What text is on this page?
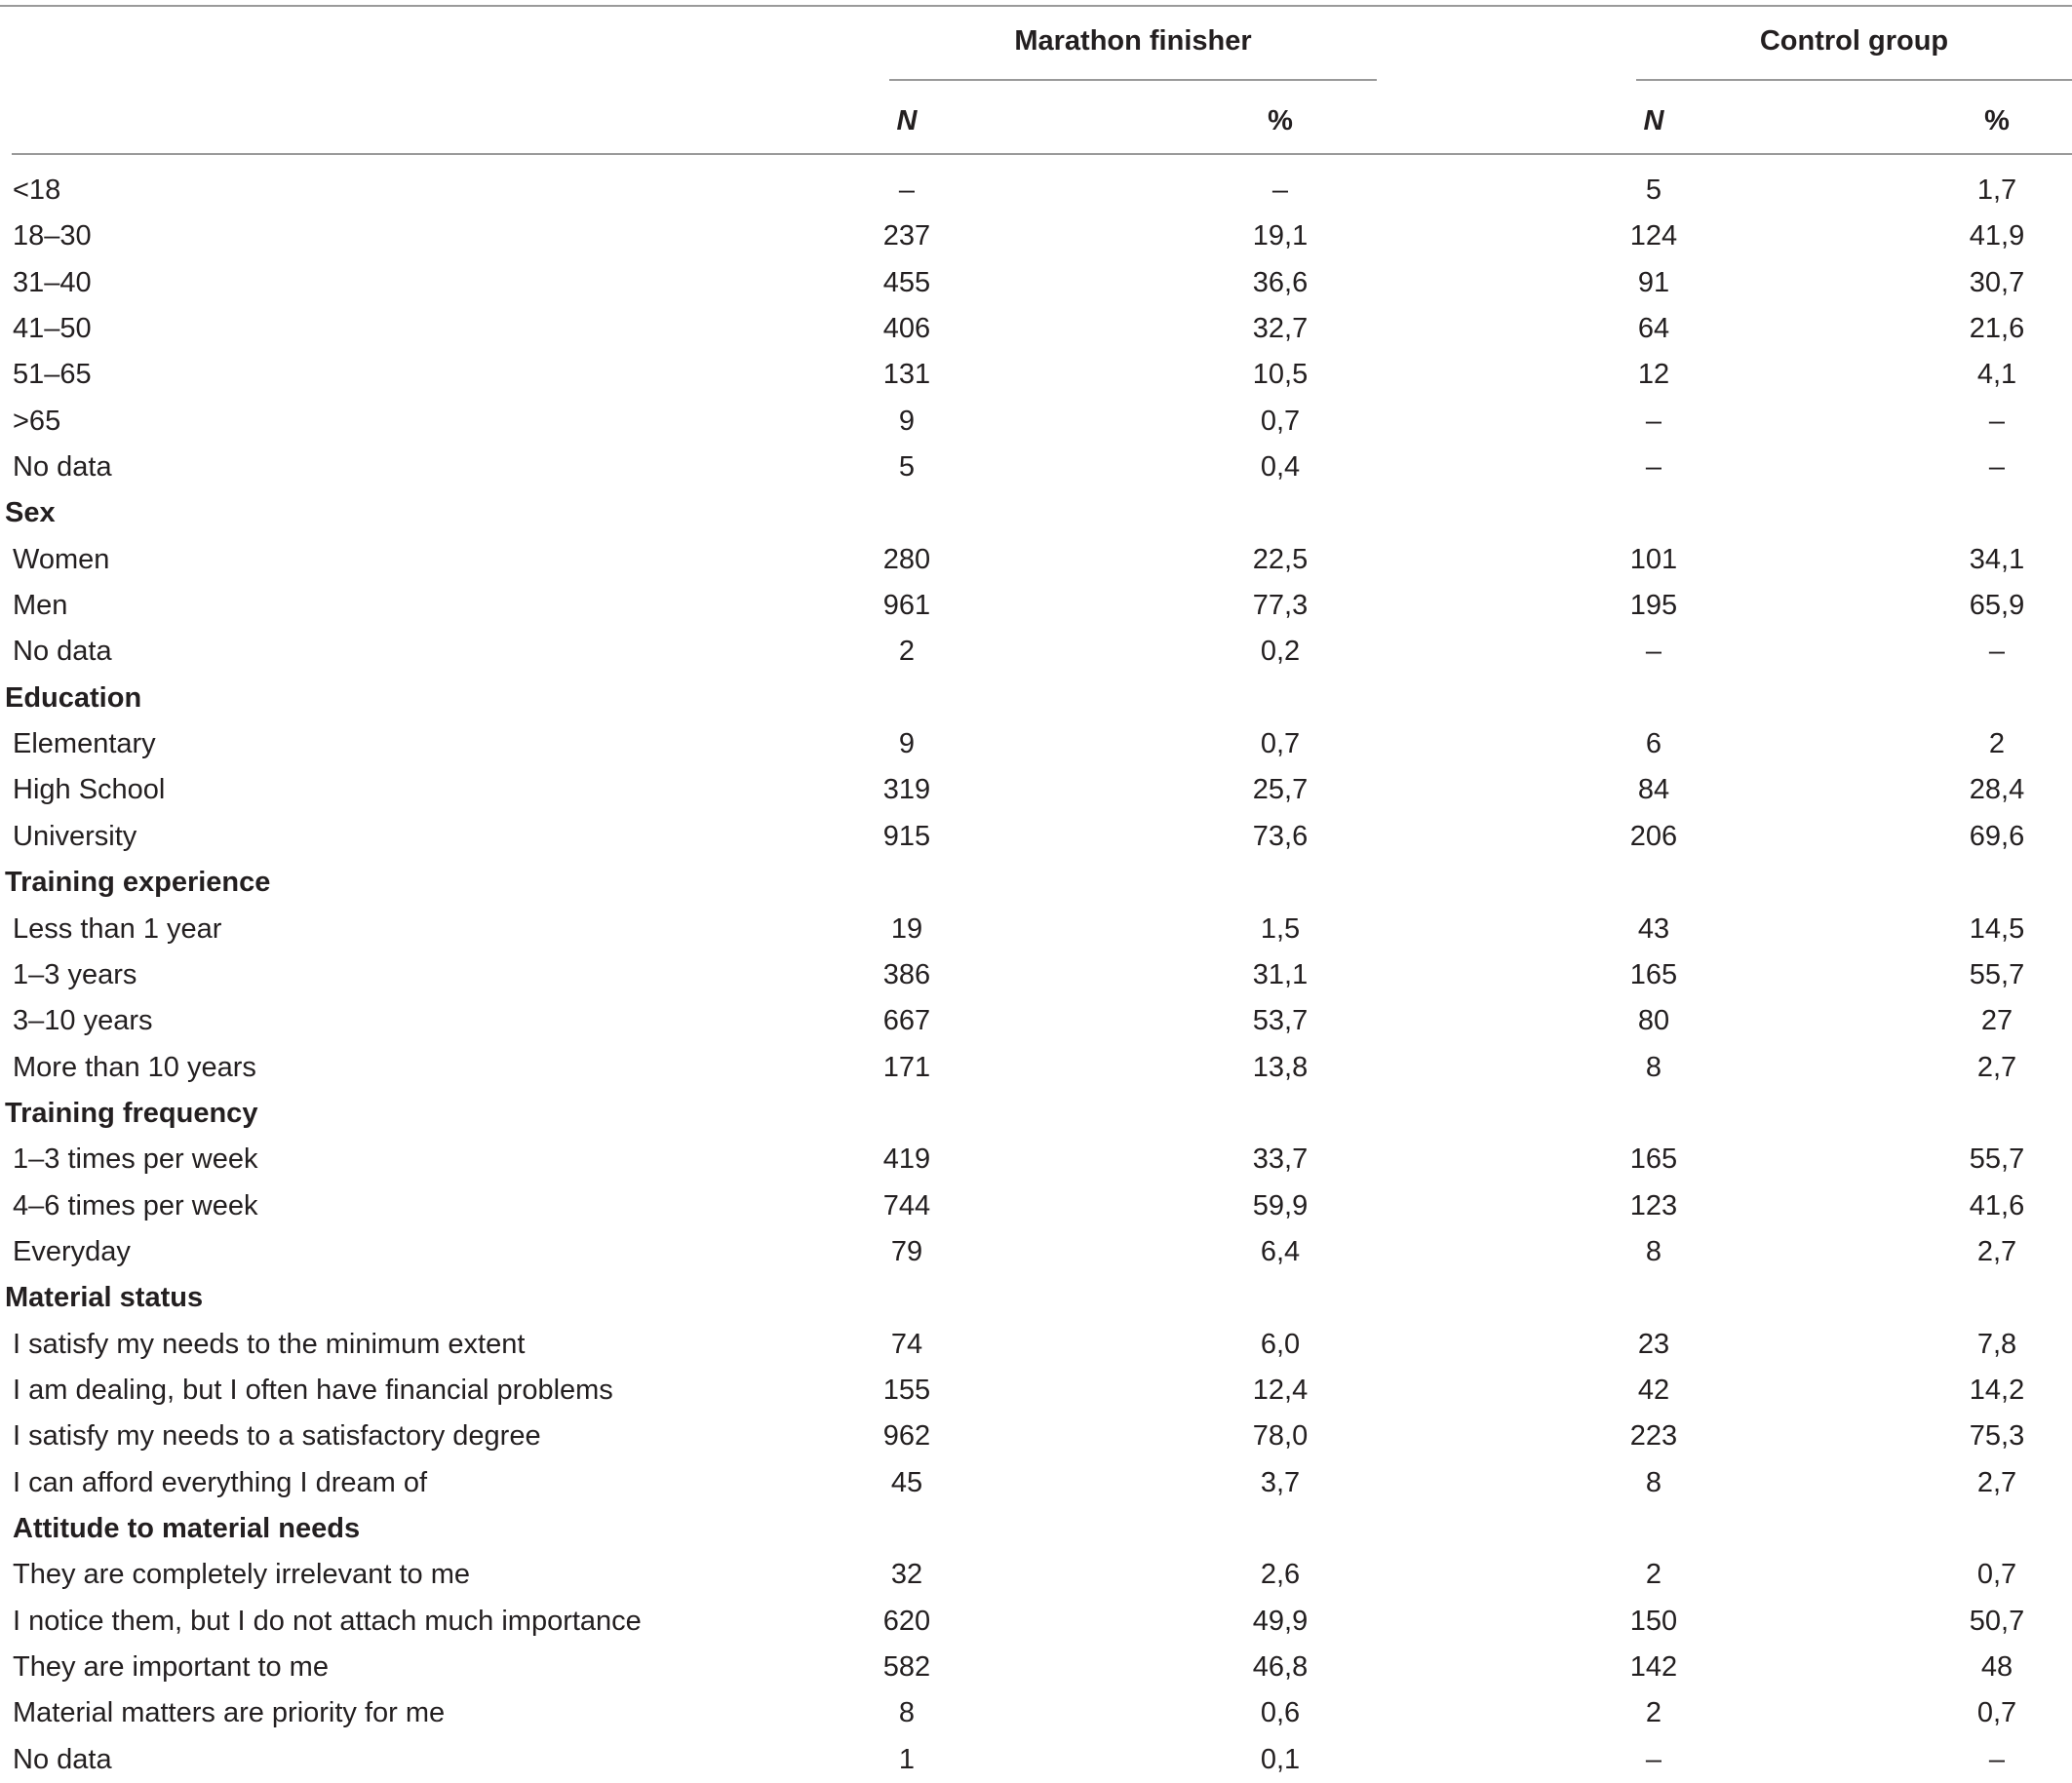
Marathon finisher	Control group
N	%	N	%
<18	–	–	5	1,7
18–30	237	19,1	124	41,9
31–40	455	36,6	91	30,7
41–50	406	32,7	64	21,6
51–65	131	10,5	12	4,1
>65	9	0,7	–	–
No data	5	0,4	–	–
Sex
Women	280	22,5	101	34,1
Men	961	77,3	195	65,9
No data	2	0,2	–	–
Education
Elementary	9	0,7	6	2
High School	319	25,7	84	28,4
University	915	73,6	206	69,6
Training experience
Less than 1 year	19	1,5	43	14,5
1–3 years	386	31,1	165	55,7
3–10 years	667	53,7	80	27
More than 10 years	171	13,8	8	2,7
Training frequency
1–3 times per week	419	33,7	165	55,7
4–6 times per week	744	59,9	123	41,6
Everyday	79	6,4	8	2,7
Material status
I satisfy my needs to the minimum extent	74	6,0	23	7,8
I am dealing, but I often have financial problems	155	12,4	42	14,2
I satisfy my needs to a satisfactory degree	962	78,0	223	75,3
I can afford everything I dream of	45	3,7	8	2,7
Attitude to material needs
They are completely irrelevant to me	32	2,6	2	0,7
I notice them, but I do not attach much importance	620	49,9	150	50,7
They are important to me	582	46,8	142	48
Material matters are priority for me	8	0,6	2	0,7
No data	1	0,1	–	–
